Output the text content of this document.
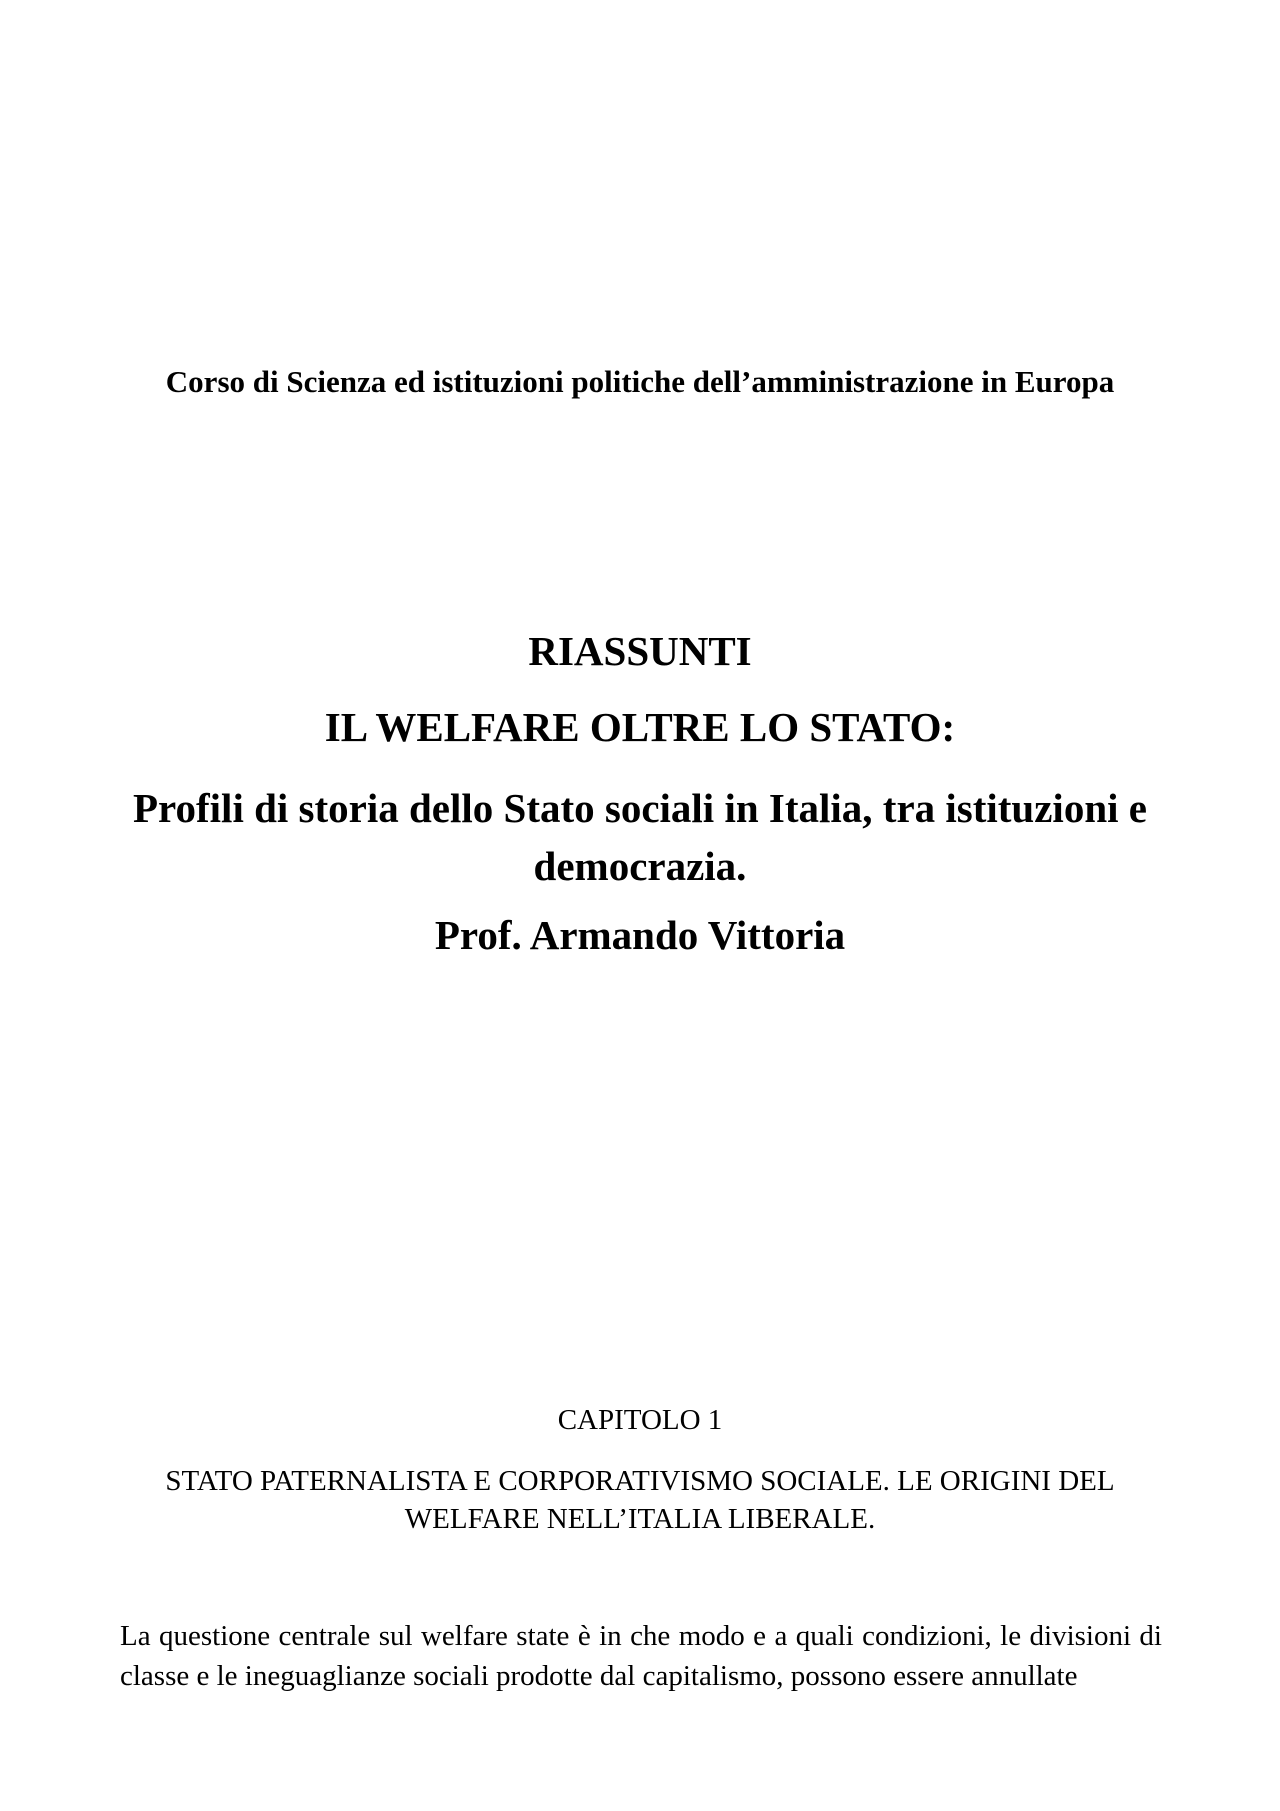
Corso di Scienza ed istituzioni politiche dell’amministrazione in Europa
RIASSUNTI
IL WELFARE OLTRE LO STATO:
Profili di storia dello Stato sociali in Italia, tra istituzioni e democrazia.
Prof. Armando Vittoria
CAPITOLO 1
STATO PATERNALISTA E CORPORATIVISMO SOCIALE. LE ORIGINI DEL WELFARE NELL’ITALIA LIBERALE.
La questione centrale sul welfare state è in che modo e a quali condizioni, le divisioni di classe e le ineguaglianze sociali prodotte dal capitalismo, possono essere annullate
